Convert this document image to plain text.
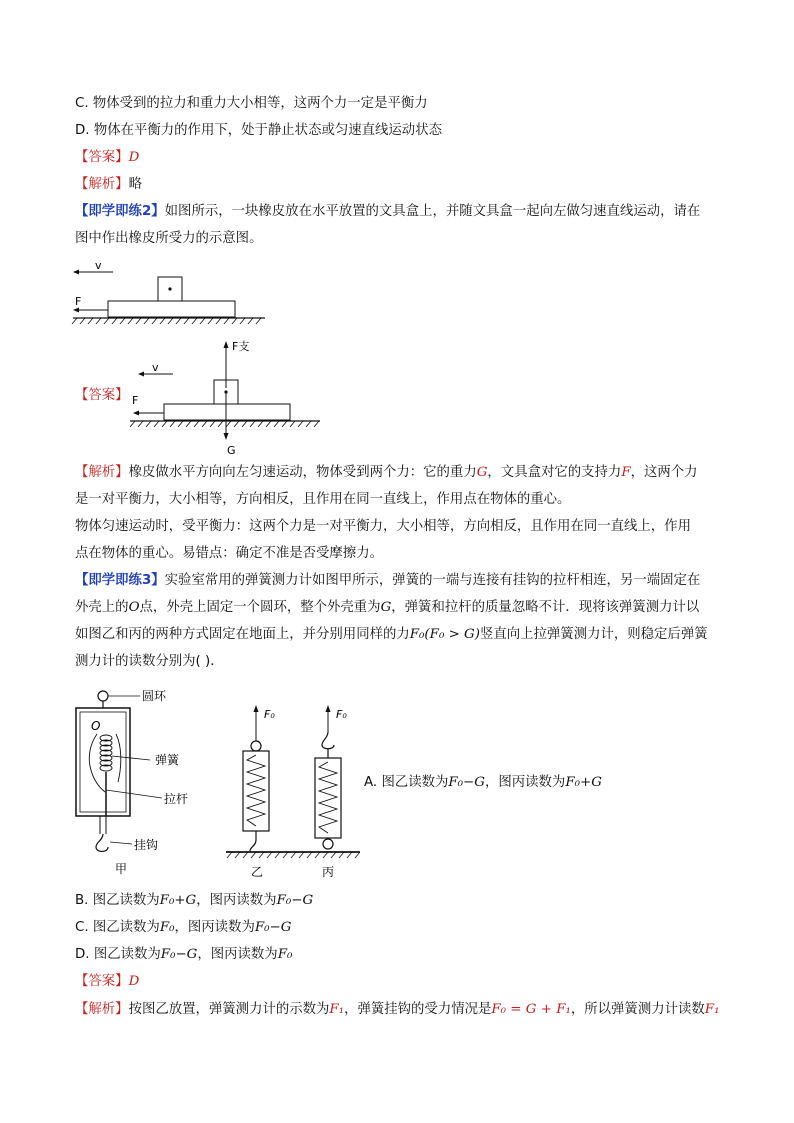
C. 物体受到的拉力和重力大小相等，这两个力一定是平衡力
D. 物体在平衡力的作用下，处于静止状态或匀速直线运动状态
【答案】D
【解析】略
【即学即练2】如图所示，一块橡皮放在水平放置的文具盒上，并随文具盒一起向左做匀速直线运动，请在
图中作出橡皮所受力的示意图。
v
F
【答案】
F支
v
F
G
【解析】橡皮做水平方向向左匀速运动，物体受到两个力：它的重力G，文具盒对它的支持力F，这两个力
是一对平衡力，大小相等，方向相反，且作用在同一直线上，作用点在物体的重心。
物体匀速运动时，受平衡力：这两个力是一对平衡力，大小相等，方向相反，且作用在同一直线上，作用
点在物体的重心。易错点：确定不准是否受摩擦力。
【即学即练3】实验室常用的弹簧测力计如图甲所示，弹簧的一端与连接有挂钩的拉杆相连，另一端固定在
外壳上的O点，外壳上固定一个圆环，整个外壳重为G，弹簧和拉杆的质量忽略不计．现将该弹簧测力计以
如图乙和丙的两种方式固定在地面上，并分别用同样的力F₀(F₀ > G)竖直向上拉弹簧测力计，则稳定后弹簧
测力计的读数分别为( )．
圆环
O
弹簧
拉杆
挂钩
甲
F₀
乙
F₀
丙
A. 图乙读数为F₀−G，图丙读数为F₀+G
B. 图乙读数为F₀+G，图丙读数为F₀−G
C. 图乙读数为F₀，图丙读数为F₀−G
D. 图乙读数为F₀−G，图丙读数为F₀
【答案】D
【解析】按图乙放置，弹簧测力计的示数为F₁，弹簧挂钩的受力情况是F₀ = G + F₁，所以弹簧测力计读数F₁
